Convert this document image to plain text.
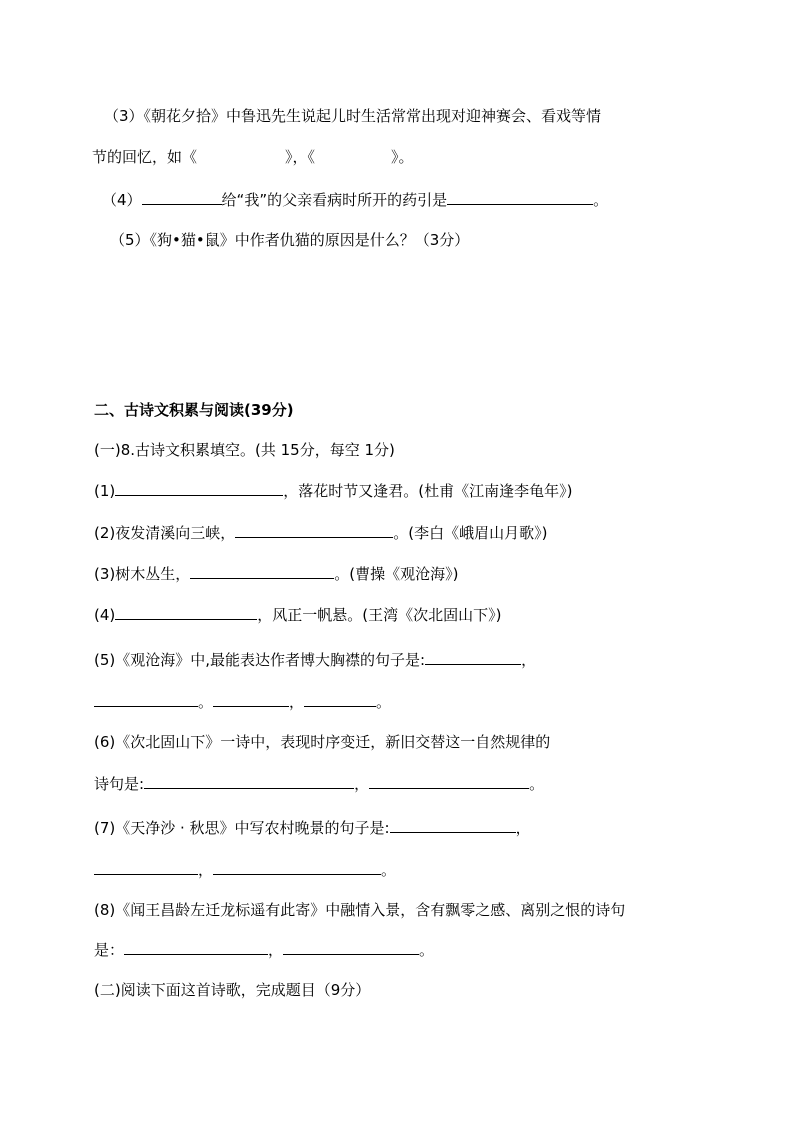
（3）《朝花夕拾》中鲁迅先生说起儿时生活常常出现对迎神赛会、看戏等情
节的回忆，如《	》，《	》。
（4）	给“我”的父亲看病时所开的药引是	。
（5）《狗•猫•鼠》中作者仇猫的原因是什么？（3分）
二、古诗文积累与阅读(39分)
(一)8.古诗文积累填空。(共 15分，每空 1分)
(1)	，落花时节又逢君。(杜甫《江南逢李龟年》)
(2)夜发清溪向三峡，	。(李白《峨眉山月歌》)
(3)树木丛生，	。(曹操《观沧海》)
(4)	，风正一帆悬。(王湾《次北固山下》)
(5)《观沧海》中,最能表达作者博大胸襟的句子是:	，
。	，	。
(6)《次北固山下》一诗中，表现时序变迁，新旧交替这一自然规律的
诗句是:	，	。
(7)《天净沙 · 秋思》中写农村晚景的句子是:	，
，	。
(8)《闻王昌龄左迁龙标遥有此寄》中融情入景，含有飘零之感、离别之恨的诗句
是：	，	。
(二)阅读下面这首诗歌，完成题目（9分）
